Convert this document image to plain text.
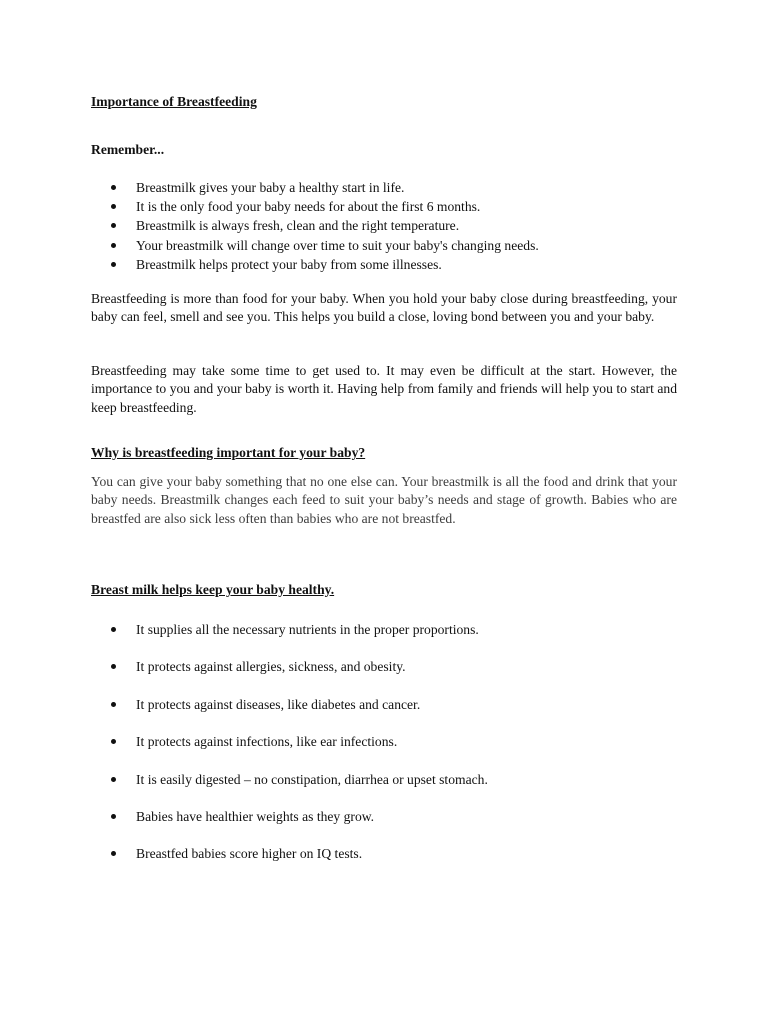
Importance of Breastfeeding
Remember...
Breastmilk gives your baby a healthy start in life.
It is the only food your baby needs for about the first 6 months.
Breastmilk is always fresh, clean and the right temperature.
Your breastmilk will change over time to suit your baby's changing needs.
Breastmilk helps protect your baby from some illnesses.

Breastfeeding is more than food for your baby. When you hold your baby close during breastfeeding, your baby can feel, smell and see you. This helps you build a close, loving bond between you and your baby.

Breastfeeding may take some time to get used to. It may even be difficult at the start. However, the importance to you and your baby is worth it. Having help from family and friends will help you to start and keep breastfeeding.

Why is breastfeeding important for your baby?

You can give your baby something that no one else can. Your breastmilk is all the food and drink that your baby needs. Breastmilk changes each feed to suit your baby’s needs and stage of growth. Babies who are breastfed are also sick less often than babies who are not breastfed.

Breast milk helps keep your baby healthy.
It supplies all the necessary nutrients in the proper proportions.
It protects against allergies, sickness, and obesity.
It protects against diseases, like diabetes and cancer.
It protects against infections, like ear infections.
It is easily digested – no constipation, diarrhea or upset stomach.
Babies have healthier weights as they grow.
Breastfed babies score higher on IQ tests.
